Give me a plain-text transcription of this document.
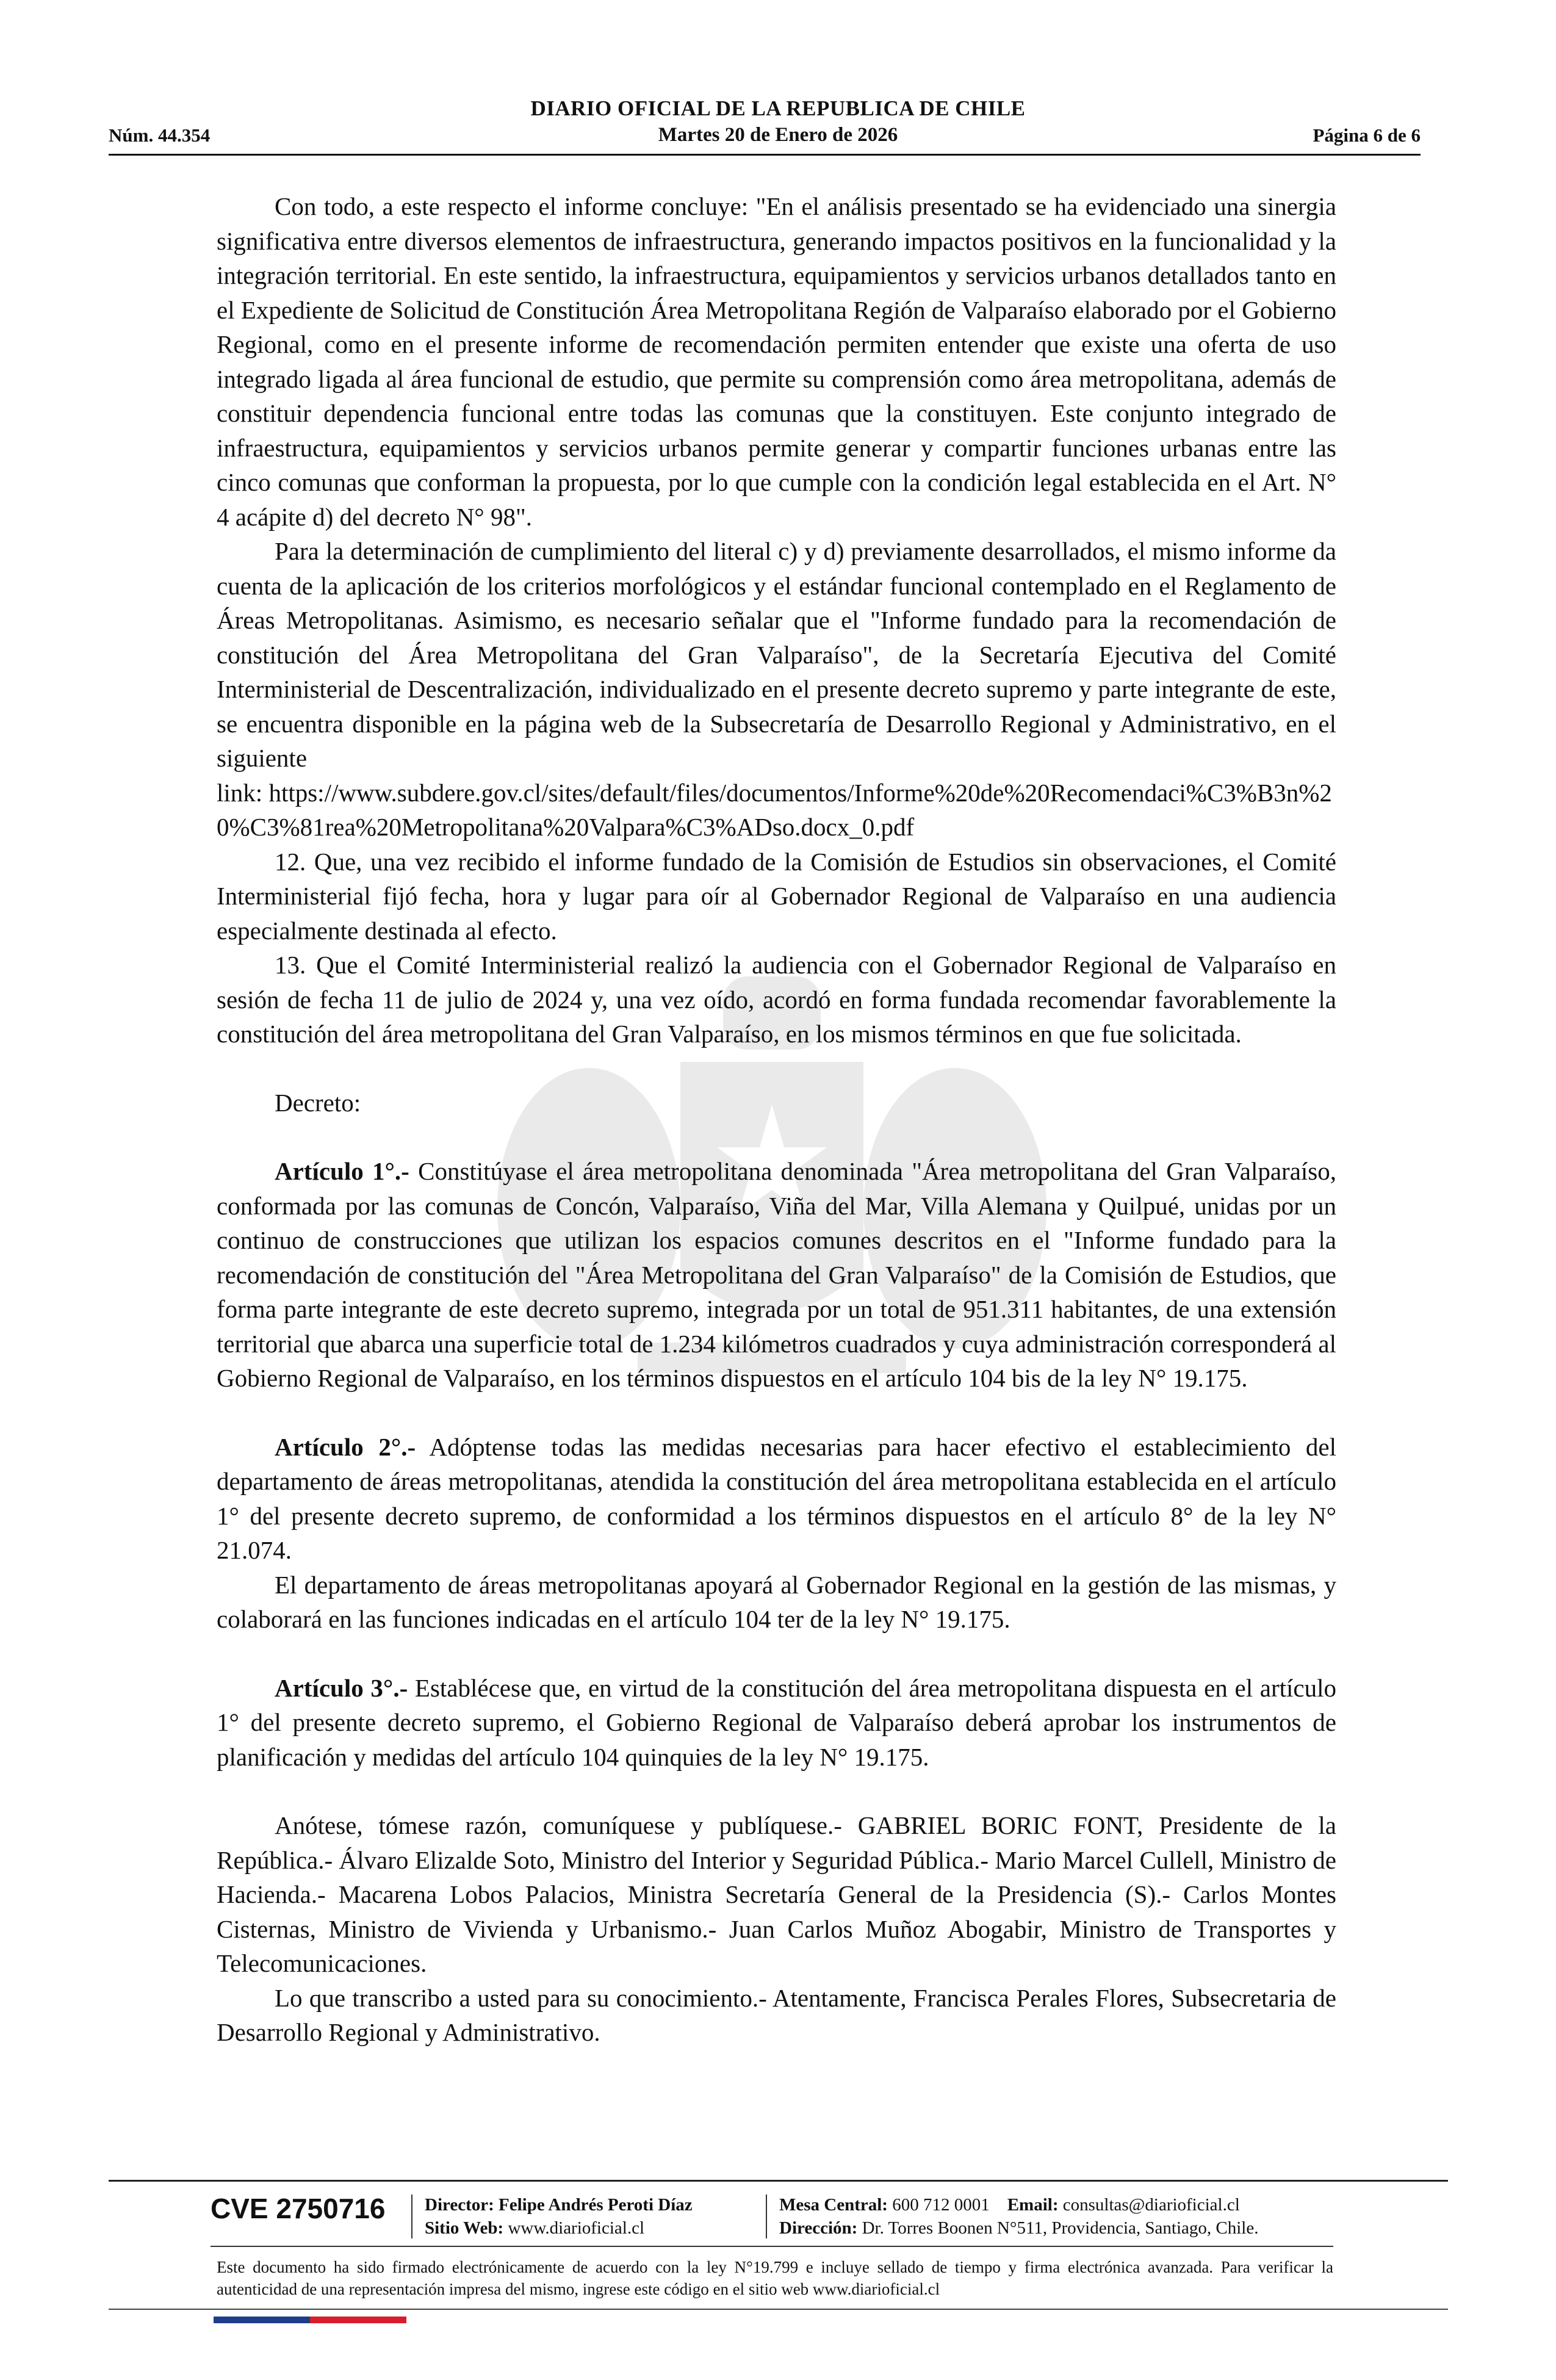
DIARIO OFICIAL DE LA REPUBLICA DE CHILE
Núm. 44.354	Martes 20 de Enero de 2026	Página 6 de 6

Con todo, a este respecto el informe concluye: "En el análisis presentado se ha evidenciado una sinergia significativa entre diversos elementos de infraestructura, generando impactos positivos en la funcionalidad y la integración territorial. En este sentido, la infraestructura, equipamientos y servicios urbanos detallados tanto en el Expediente de Solicitud de Constitución Área Metropolitana Región de Valparaíso elaborado por el Gobierno Regional, como en el presente informe de recomendación permiten entender que existe una oferta de uso integrado ligada al área funcional de estudio, que permite su comprensión como área metropolitana, además de constituir dependencia funcional entre todas las comunas que la constituyen. Este conjunto integrado de infraestructura, equipamientos y servicios urbanos permite generar y compartir funciones urbanas entre las cinco comunas que conforman la propuesta, por lo que cumple con la condición legal establecida en el Art. N° 4 acápite d) del decreto N° 98".

Para la determinación de cumplimiento del literal c) y d) previamente desarrollados, el mismo informe da cuenta de la aplicación de los criterios morfológicos y el estándar funcional contemplado en el Reglamento de Áreas Metropolitanas. Asimismo, es necesario señalar que el "Informe fundado para la recomendación de constitución del Área Metropolitana del Gran Valparaíso", de la Secretaría Ejecutiva del Comité Interministerial de Descentralización, individualizado en el presente decreto supremo y parte integrante de este, se encuentra disponible en la página web de la Subsecretaría de Desarrollo Regional y Administrativo, en el siguiente

link: https://www.subdere.gov.cl/sites/default/files/documentos/Informe%20de%20Recomendaci%C3%B3n%20%C3%81rea%20Metropolitana%20Valpara%C3%ADso.docx_0.pdf

12. Que, una vez recibido el informe fundado de la Comisión de Estudios sin observaciones, el Comité Interministerial fijó fecha, hora y lugar para oír al Gobernador Regional de Valparaíso en una audiencia especialmente destinada al efecto.

13. Que el Comité Interministerial realizó la audiencia con el Gobernador Regional de Valparaíso en sesión de fecha 11 de julio de 2024 y, una vez oído, acordó en forma fundada recomendar favorablemente la constitución del área metropolitana del Gran Valparaíso, en los mismos términos en que fue solicitada.

Decreto:

Artículo 1°.- Constitúyase el área metropolitana denominada "Área metropolitana del Gran Valparaíso, conformada por las comunas de Concón, Valparaíso, Viña del Mar, Villa Alemana y Quilpué, unidas por un continuo de construcciones que utilizan los espacios comunes descritos en el "Informe fundado para la recomendación de constitución del "Área Metropolitana del Gran Valparaíso" de la Comisión de Estudios, que forma parte integrante de este decreto supremo, integrada por un total de 951.311 habitantes, de una extensión territorial que abarca una superficie total de 1.234 kilómetros cuadrados y cuya administración corresponderá al Gobierno Regional de Valparaíso, en los términos dispuestos en el artículo 104 bis de la ley N° 19.175.

Artículo 2°.- Adóptense todas las medidas necesarias para hacer efectivo el establecimiento del departamento de áreas metropolitanas, atendida la constitución del área metropolitana establecida en el artículo 1° del presente decreto supremo, de conformidad a los términos dispuestos en el artículo 8° de la ley N° 21.074.

El departamento de áreas metropolitanas apoyará al Gobernador Regional en la gestión de las mismas, y colaborará en las funciones indicadas en el artículo 104 ter de la ley N° 19.175.

Artículo 3°.- Establécese que, en virtud de la constitución del área metropolitana dispuesta en el artículo 1° del presente decreto supremo, el Gobierno Regional de Valparaíso deberá aprobar los instrumentos de planificación y medidas del artículo 104 quinquies de la ley N° 19.175.

Anótese, tómese razón, comuníquese y publíquese.- GABRIEL BORIC FONT, Presidente de la República.- Álvaro Elizalde Soto, Ministro del Interior y Seguridad Pública.- Mario Marcel Cullell, Ministro de Hacienda.- Macarena Lobos Palacios, Ministra Secretaría General de la Presidencia (S).- Carlos Montes Cisternas, Ministro de Vivienda y Urbanismo.- Juan Carlos Muñoz Abogabir, Ministro de Transportes y Telecomunicaciones.

Lo que transcribo a usted para su conocimiento.- Atentamente, Francisca Perales Flores, Subsecretaria de Desarrollo Regional y Administrativo.

CVE 2750716 Director: Felipe Andrés Peroti Díaz
Sitio Web: www.diarioficial.cl
Mesa Central: 600 712 0001 Email: consultas@diarioficial.cl
Dirección: Dr. Torres Boonen N°511, Providencia, Santiago, Chile.
Este documento ha sido firmado electrónicamente de acuerdo con la ley N°19.799 e incluye sellado de tiempo y firma electrónica avanzada. Para verificar la autenticidad de una representación impresa del mismo, ingrese este código en el sitio web www.diarioficial.cl
